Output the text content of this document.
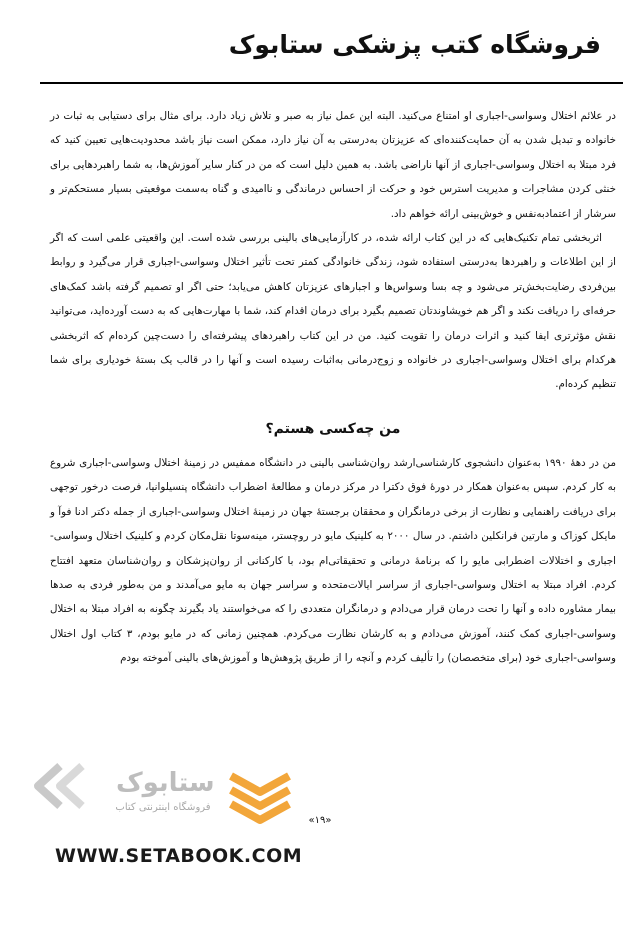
فروشگاه کتب پزشکی ستابوک

در علائم اختلال وسواسی-اجباری او امتناع می‌کنید. البته این عمل نیاز به صبر و تلاش زیاد دارد. برای مثال برای دستیابی به ثبات در خانواده و تبدیل شدن به آن حمایت‌کننده‌ای که عزیزتان به‌درستی به آن نیاز دارد، ممکن است نیاز باشد محدودیت‌هایی تعیین کنید که فرد مبتلا به اختلال وسواسی-اجباری از آنها ناراضی باشد. به همین دلیل است که من در کنار سایر آموزش‌ها، به شما راهبردهایی برای خنثی کردن مشاجرات و مدیریت استرس خود و حرکت از احساس درماندگی و ناامیدی و گناه به‌سمت موقعیتی بسیار مستحکم‌تر و سرشار از اعتمادبه‌نفس و خوش‌بینی ارائه خواهم داد.

اثربخشی تمام تکنیک‌هایی که در این کتاب ارائه شده، در کارآزمایی‌های بالینی بررسی شده است. این واقعیتی علمی است که اگر از این اطلاعات و راهبردها به‌درستی استفاده شود، زندگی خانوادگی کمتر تحت تأثیر اختلال وسواسی-اجباری قرار می‌گیرد و روابط بین‌فردی رضایت‌بخش‌تر می‌شود و چه بسا وسواس‌ها و اجبارهای عزیزتان کاهش می‌یابد؛ حتی اگر او تصمیم گرفته باشد کمک‌های حرفه‌ای را دریافت نکند و اگر هم خویشاوندتان تصمیم بگیرد برای درمان اقدام کند، شما با مهارت‌هایی که به دست آورده‌اید، می‌توانید نقش مؤثرتری ایفا کنید و اثرات درمان را تقویت کنید. من در این کتاب راهبردهای پیشرفته‌ای را دست‌چین کرده‌ام که اثربخشی هرکدام برای اختلال وسواسی-اجباری در خانواده و زوج‌درمانی به‌اثبات رسیده است و آنها را در قالب یک بستهٔ خودیاری برای شما تنظیم کرده‌ام.

من چه‌کسی هستم؟

من در دههٔ ۱۹۹۰ به‌عنوان دانشجوی کارشناسی‌ارشد روان‌شناسی بالینی در دانشگاه ممفیس در زمینهٔ اختلال وسواسی-اجباری شروع به کار کردم. سپس به‌عنوان همکار در دورهٔ فوق دکترا در مرکز درمان و مطالعهٔ اضطراب دانشگاه پنسیلوانیا، فرصت درخور توجهی برای دریافت راهنمایی و نظارت از برخی درمانگران و محققان برجستهٔ جهان در زمینهٔ اختلال وسواسی-اجباری از جمله دکتر ادنا فوآ و مایکل کوزاک و مارتین فرانکلین داشتم. در سال ۲۰۰۰ به کلینیک مایو در روچستر، مینه‌سوتا نقل‌مکان کردم و کلینیک اختلال وسواسی-اجباری و اختلالات اضطرابی مایو را که برنامهٔ درمانی و تحقیقاتی‌ام بود، با کارکنانی از روان‌پزشکان و روان‌شناسان متعهد افتتاح کردم. افراد مبتلا به اختلال وسواسی-اجباری از سراسر ایالات‌متحده و سراسر جهان به مایو می‌آمدند و من به‌طور فردی به صدها بیمار مشاوره داده و آنها را تحت درمان قرار می‌دادم و درمانگران متعددی را که می‌خواستند یاد بگیرند چگونه به افراد مبتلا به اختلال وسواسی-اجباری کمک کنند، آموزش می‌دادم و به کارشان نظارت می‌کردم. همچنین زمانی که در مایو بودم، ۳ کتاب اول اختلال وسواسی-اجباری خود (برای متخصصان) را تألیف کردم و آنچه را از طریق پژوهش‌ها و آموزش‌های بالینی آموخته بودم

ستابوک
فروشگاه اینترنتی کتاب
«۱۹»
WWW.SETABOOK.COM
